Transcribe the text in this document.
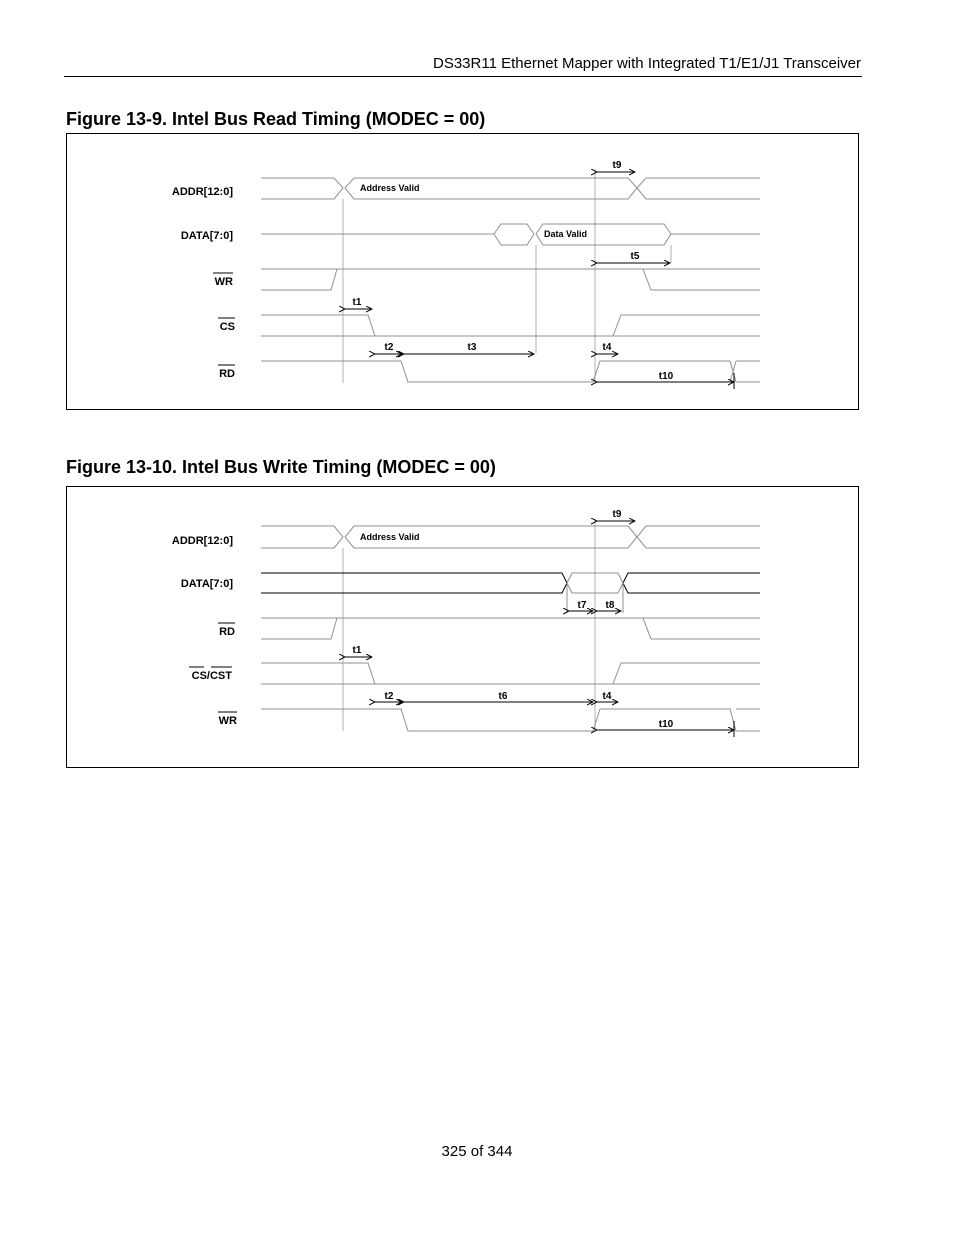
DS33R11 Ethernet Mapper with Integrated T1/E1/J1 Transceiver
Figure 13-9. Intel Bus Read Timing (MODEC = 00)
ADDR[12:0]
DATA[7:0]
WR
CS
RD
Address Valid
Data Valid
t9
t5
t1
t2	t3	t4
t10
Figure 13-10. Intel Bus Write Timing (MODEC = 00)
ADDR[12:0]
DATA[7:0]
RD
CS/CST
WR
Address Valid
t9
t7 t8
t1
t2	t6	t4
t10
325 of 344
